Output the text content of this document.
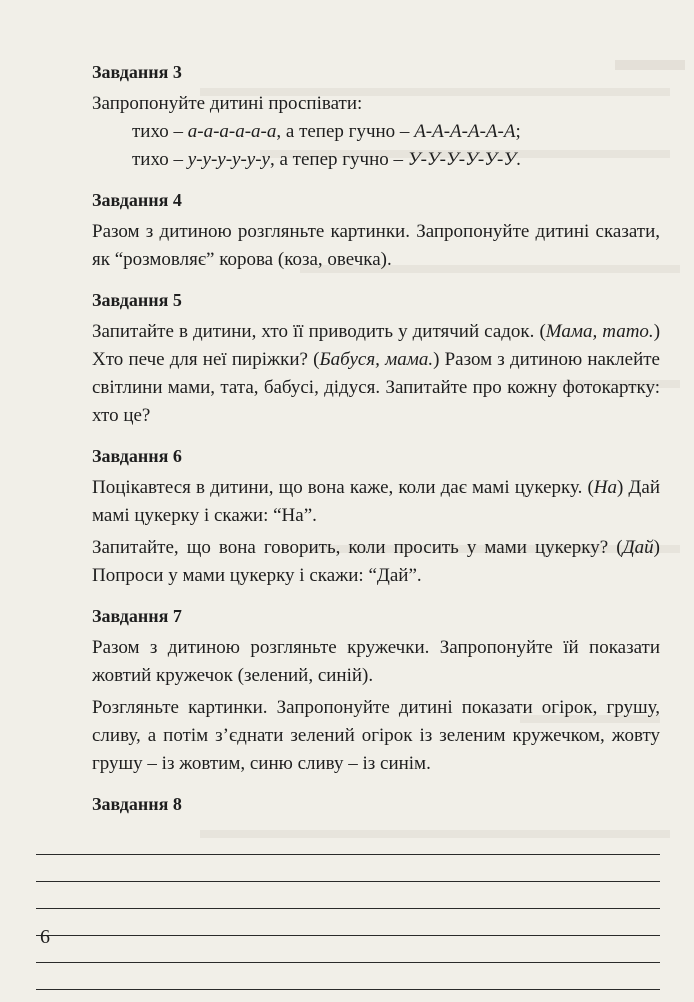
Завдання 3

Запропонуйте дитині проспівати:

тихо – а-а-а-а-а-а, а тепер гучно – А-А-А-А-А-А;

тихо – у-у-у-у-у-у, а тепер гучно – У-У-У-У-У-У.

Завдання 4

Разом з дитиною розгляньте картинки. Запропонуйте дитині сказати, як “розмовляє” корова (коза, овечка).

Завдання 5

Запитайте в дитини, хто її приводить у дитячий садок. (Мама, тато.) Хто пече для неї пиріжки? (Бабуся, мама.) Разом з дитиною наклейте світлини мами, тата, бабусі, дідуся. Запитайте про кожну фотокартку: хто це?

Завдання 6

Поцікавтеся в дитини, що вона каже, коли дає мамі цукерку. (На) Дай мамі цукерку і скажи: “На”.

Запитайте, що вона говорить, коли просить у мами цукерку? (Дай) Попроси у мами цукерку і скажи: “Дай”.

Завдання 7

Разом з дитиною розгляньте кружечки. Запропонуйте їй показати жовтий кружечок (зелений, синій).

Розгляньте картинки. Запропонуйте дитині показати огірок, грушу, сливу, а потім з’єднати зелений огірок із зеленим кружечком, жовту грушу – із жовтим, синю сливу – із синім.

Завдання 8
6
